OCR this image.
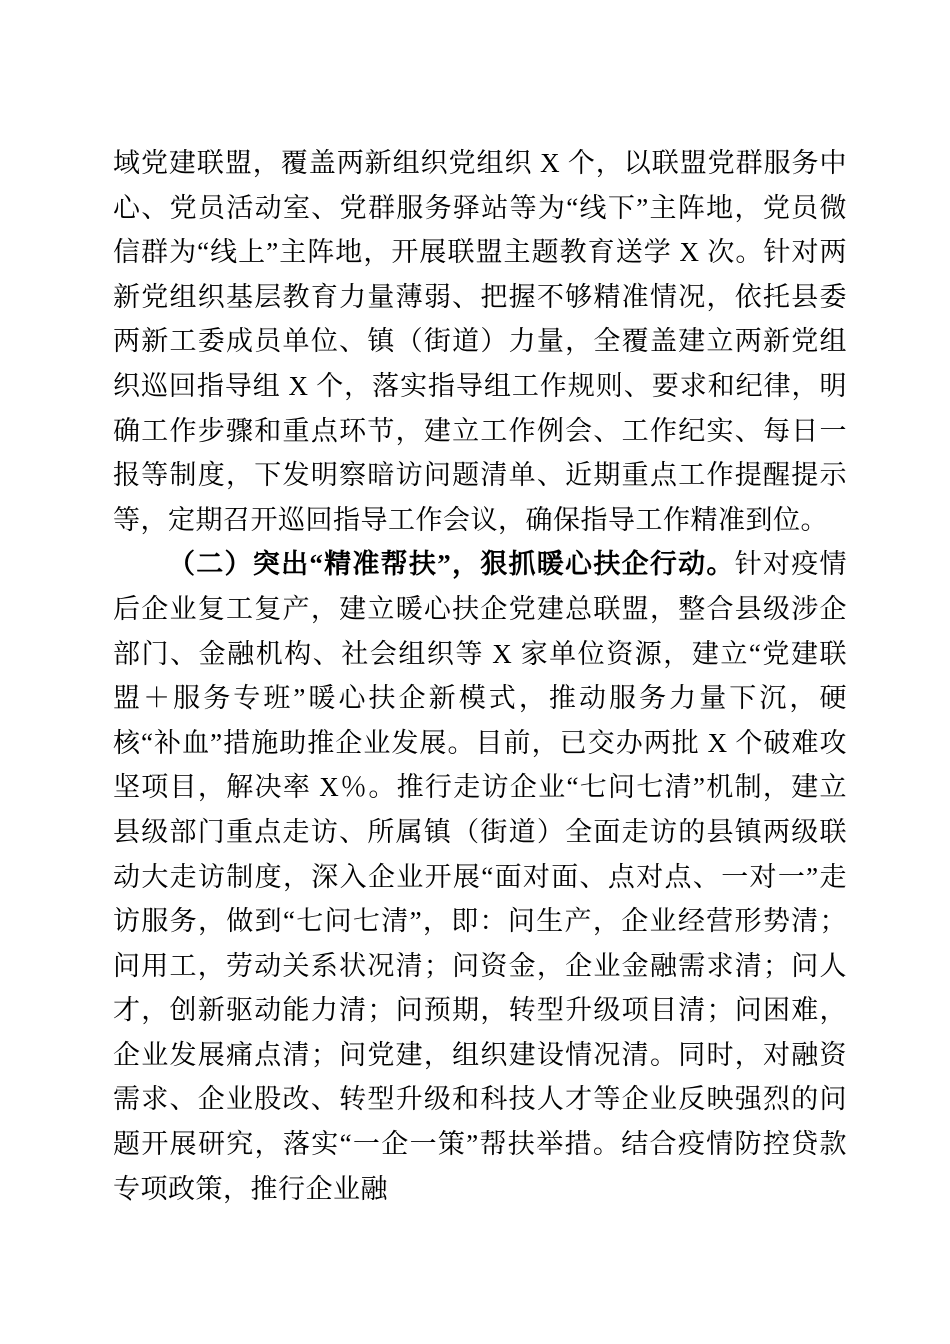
域党建联盟，覆盖两新组织党组织 X 个，以联盟党群服务中心、党员活动室、党群服务驿站等为“线下”主阵地，党员微信群为“线上”主阵地，开展联盟主题教育送学 X 次。针对两新党组织基层教育力量薄弱、把握不够精准情况，依托县委两新工委成员单位、镇（街道）力量，全覆盖建立两新党组织巡回指导组 X 个，落实指导组工作规则、要求和纪律，明确工作步骤和重点环节，建立工作例会、工作纪实、每日一报等制度，下发明察暗访问题清单、近期重点工作提醒提示等，定期召开巡回指导工作会议，确保指导工作精准到位。

（二）突出“精准帮扶”，狠抓暖心扶企行动。针对疫情后企业复工复产，建立暖心扶企党建总联盟，整合县级涉企部门、金融机构、社会组织等 X 家单位资源，建立“党建联盟＋服务专班”暖心扶企新模式，推动服务力量下沉，硬核“补血”措施助推企业发展。目前，已交办两批 X 个破难攻坚项目，解决率 X％。推行走访企业“七问七清”机制，建立县级部门重点走访、所属镇（街道）全面走访的县镇两级联动大走访制度，深入企业开展“面对面、点对点、一对一”走访服务，做到“七问七清”，即：问生产，企业经营形势清；问用工，劳动关系状况清；问资金，企业金融需求清；问人才，创新驱动能力清；问预期，转型升级项目清；问困难，企业发展痛点清；问党建，组织建设情况清。同时，对融资需求、企业股改、转型升级和科技人才等企业反映强烈的问题开展研究，落实“一企一策”帮扶举措。结合疫情防控贷款专项政策，推行企业融
